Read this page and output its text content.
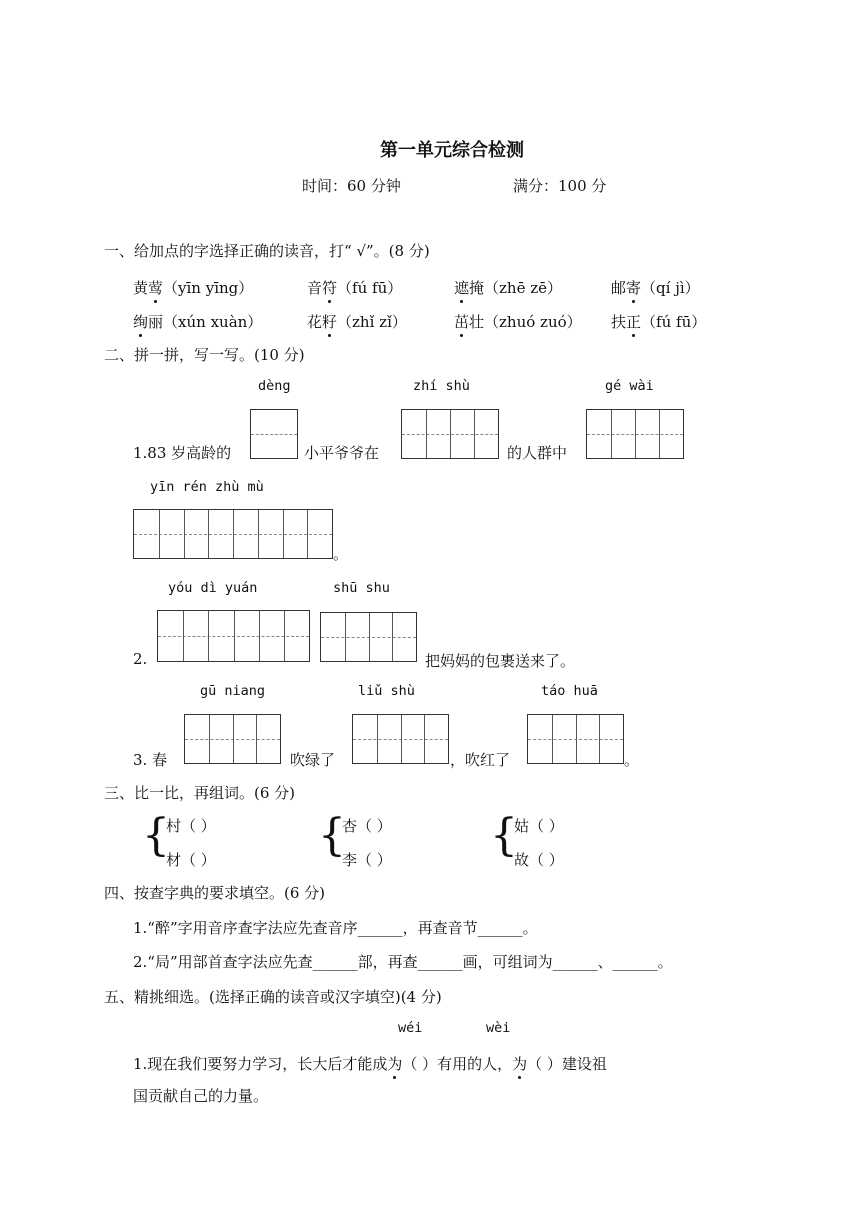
第一单元综合检测
时间：60 分钟	满分：100 分
一、给加点的字选择正确的读音，打“ √”。(8 分)
黄莺（yīn yīng）	音符（fú fū）	遮掩（zhē zē）	邮寄（qí jì）
绚丽（xún xuàn）	花籽（zhǐ zǐ）	茁壮（zhuó zuó） 扶正（fú fū）
二、拼一拼，写一写。(10 分)
dèng	zhí shù	gé wài
1.83 岁高龄的	小平爷爷在	的人群中
yīn rén zhù mù
。
yóu dì yuán	shū shu
2.	把妈妈的包裹送来了。
gū niang	liǔ shù	táo huā
3. 春	吹绿了	，吹红了	。
三、比一比，再组词。(6 分)
{
村（ ）
材（ ） {
杏（ ）
李（ ） {
姑（ ）
故（ ）
四、按查字典的要求填空。(6 分)
1.“醉”字用音序查字法应先查音序______，再查音节______。
2.“局”用部首查字法应先查______部，再查______画，可组词为______、______。
五、精挑细选。(选择正确的读音或汉字填空)(4 分)
wéi	wèi
1.现在我们要努力学习，长大后才能成为（ ）有用的人，为（ ）建设祖
国贡献自己的力量。
